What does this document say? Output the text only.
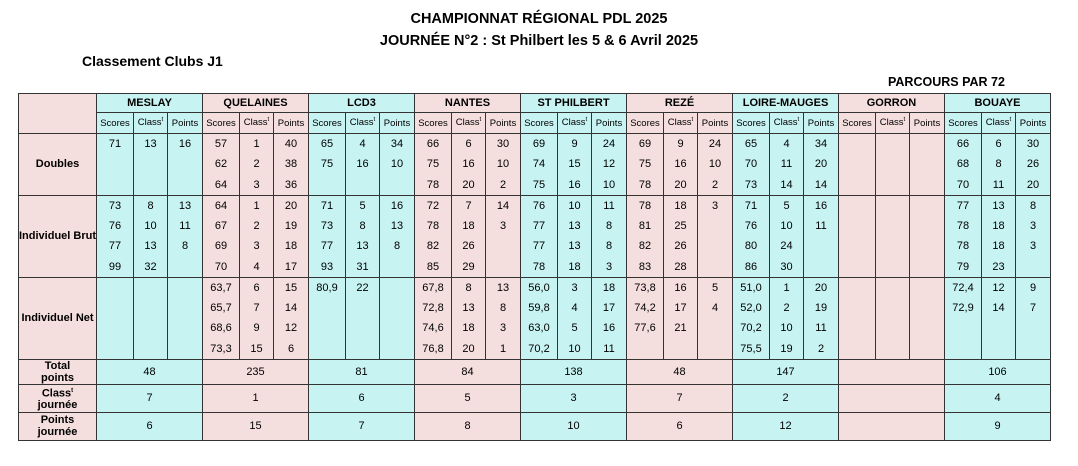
CHAMPIONNAT RÉGIONAL PDL 2025
JOURNÉE N°2 : St Philbert les 5 & 6 Avril 2025
Classement Clubs J1
PARCOURS PAR 72
	MESLAY			QUELAINES			LCD3			NANTES			ST PHILBERT			REZÉ			LOIRE-MAUGES			GORRON			BOUAYE		
	Scores	Class$^t$	Points	Scores	Class$^t$	Points	Scores	Class$^t$	Points	Scores	Class$^t$	Points	Scores	Class$^t$	Points	Scores	Class$^t$	Points	Scores	Class$^t$	Points	Scores	Class$^t$	Points	Scores	Class$^t$	Points
Doubles	71	13	16	57	1	40	65	4	34	66	6	30	69	9	24	69	9	24	65	4	34				66	6	30
				62	2	38	75	16	10	75	16	10	74	15	12	75	16	10	70	11	20				68	8	26
				64	3	36				78	20	2	75	16	10	78	20	2	73	14	14				70	11	20
Individuel Brut	73	8	13	64	1	20	71	5	16	72	7	14	76	10	11	78	18	3	71	5	16				77	13	8
	76	10	11	67	2	19	73	8	13	78	18	3	77	13	8	81	25		76	10	11				78	18	3
	77	13	8	69	3	18	77	13	8	82	26		77	13	8	82	26		80	24					78	18	3
	99	32		70	4	17	93	31		85	29		78	18	3	83	28		86	30					79	23	
Individuel Net				63,7	6	15	80,9	22		67,8	8	13	56,0	3	18	73,8	16	5	51,0	1	20				72,4	12	9
				65,7	7	14				72,8	13	8	59,8	4	17	74,2	17	4	52,0	2	19				72,9	14	7
				68,6	9	12				74,6	18	3	63,0	5	16	77,6	21		70,2	10	11						
				73,3	15	6				76,8	20	1	70,2	10	11				75,5	19	2						
Total
points	48			235			81			84			138			48			147						106		
Class$^t$
journée	7			1			6			5			3			7			2						4		
Points
journée	6			15			7			8			10			6			12						9		
